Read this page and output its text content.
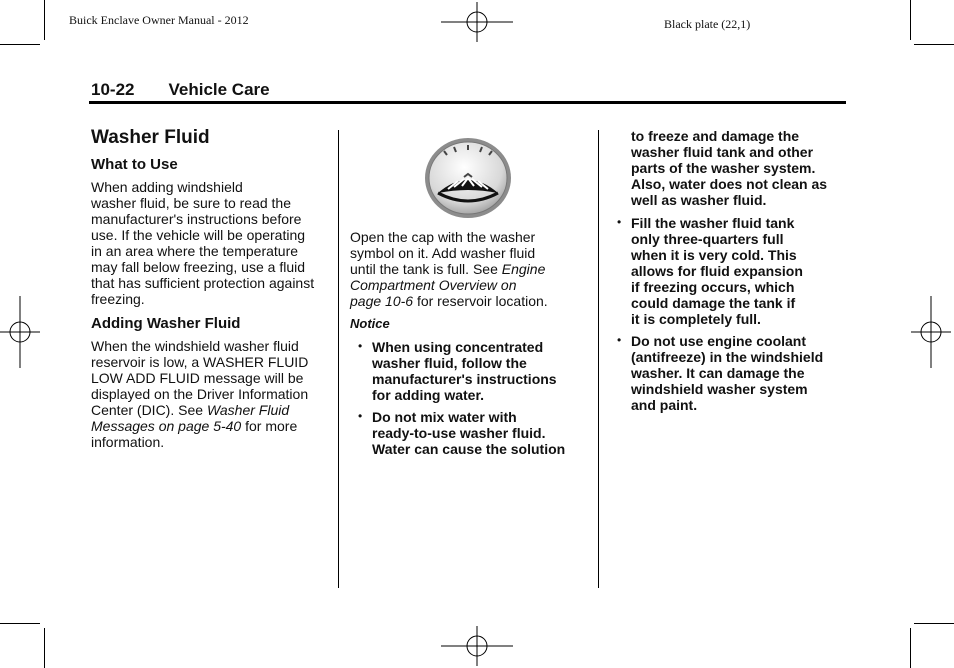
Buick Enclave Owner Manual - 2012	Black plate (22,1)
10-22 Vehicle Care
Washer Fluid
What to Use
When adding windshield
washer fluid, be sure to read the
manufacturer's instructions before
use. If the vehicle will be operating
in an area where the temperature
may fall below freezing, use a fluid
that has sufficient protection against
freezing.
Adding Washer Fluid
When the windshield washer fluid
reservoir is low, a WASHER FLUID
LOW ADD FLUID message will be
displayed on the Driver Information
Center (DIC). See Washer Fluid
Messages on page 5-40 for more
information.
Open the cap with the washer
symbol on it. Add washer fluid
until the tank is full. See Engine
Compartment Overview on
page 10-6 for reservoir location.
Notice
• When using concentrated
washer fluid, follow the
manufacturer's instructions
for adding water.
• Do not mix water with
ready-to-use washer fluid.
Water can cause the solution
to freeze and damage the
washer fluid tank and other
parts of the washer system.
Also, water does not clean as
well as washer fluid.
• Fill the washer fluid tank
only three-quarters full
when it is very cold. This
allows for fluid expansion
if freezing occurs, which
could damage the tank if
it is completely full.
• Do not use engine coolant
(antifreeze) in the windshield
washer. It can damage the
windshield washer system
and paint.
